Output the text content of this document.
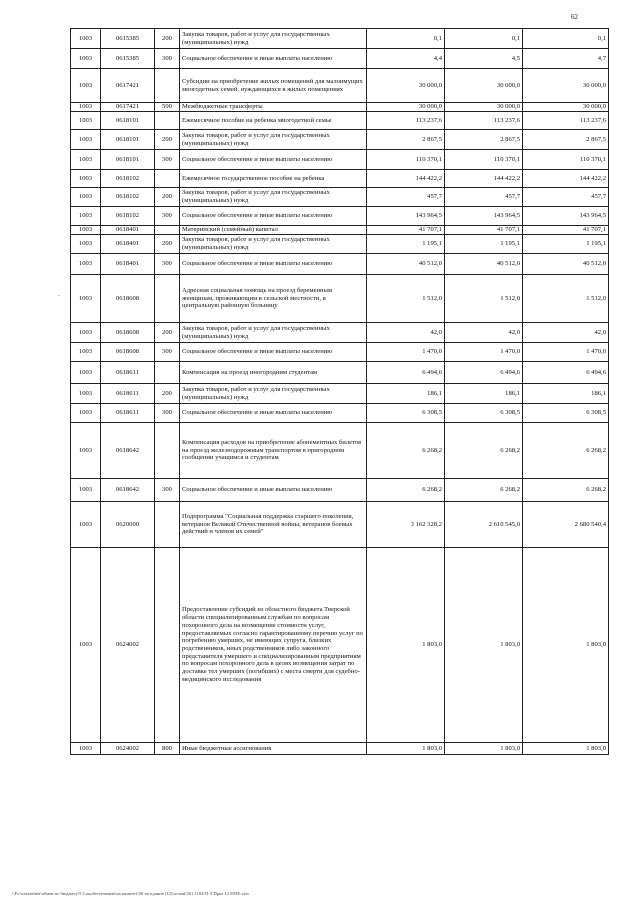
62
-
1003	0615385	200	Закупка товаров, работ и услуг для государственных (муниципальных) нужд	0,1	0,1	0,1
1003	0615385	300	Социальное обеспечение и иные выплаты населению	4,4	4,5	4,7
1003	0617421		Субсидии на приобретение жилых помещений для малоимущих многодетных семей, нуждающихся в жилых помещениях	30 000,0	30 000,0	30 000,0
1003	0617421	500	Межбюджетные трансферты	30 000,0	30 000,0	30 000,0
1003	0618101		Ежемесячное пособие на ребенка многодетной семье	113 237,6	113 237,6	113 237,6
1003	0618101	200	Закупка товаров, работ и услуг для государственных (муниципальных) нужд	2 867,5	2 867,5	2 867,5
1003	0618101	300	Социальное обеспечение и иные выплаты населению	110 370,1	110 370,1	110 370,1
1003	0618102		Ежемесячное государственное пособие на ребенка	144 422,2	144 422,2	144 422,2
1003	0618102	200	Закупка товаров, работ и услуг для государственных (муниципальных) нужд	457,7	457,7	457,7
1003	0618102	300	Социальное обеспечение и иные выплаты населению	143 964,5	143 964,5	143 964,5
1003	0618401		Материнский (семейный) капитал	41 707,1	41 707,1	41 707,1
1003	0618401	200	Закупка товаров, работ и услуг для государственных (муниципальных) нужд	1 195,1	1 195,1	1 195,1
1003	0618401	300	Социальное обеспечение и иные выплаты населению	40 512,0	40 512,0	40 512,0
1003	0618608		Адресная социальная помощь на проезд беременным женщинам, проживающим в сельской местности, в центральную районную больницу	1 512,0	1 512,0	1 512,0
1003	0618608	200	Закупка товаров, работ и услуг для государственных (муниципальных) нужд	42,0	42,0	42,0
1003	0618608	300	Социальное обеспечение и иные выплаты населению	1 470,0	1 470,0	1 470,0
1003	0618611		Компенсация на проезд иногородним студентам	6 494,6	6 494,6	6 494,6
1003	0618611	200	Закупка товаров, работ и услуг для государственных (муниципальных) нужд	186,1	186,1	186,1
1003	0618611	300	Социальное обеспечение и иные выплаты населению	6 308,5	6 308,5	6 308,5
1003	0618642		Компенсация расходов на приобретение абонементных билетов на проезд железнодорожным транспортом в пригородном сообщении учащимся и студентам	6 268,2	6 268,2	6 268,2
1003	0618642	300	Социальное обеспечение и иные выплаты населению	6 268,2	6 268,2	6 268,2
1003	0620000		Подпрограмма "Социальная поддержка старшего поколения, ветеранов Великой Отечественной войны, ветеранов боевых действий и членов их семей"	3 162 328,2	2 610 545,0	2 680 540,4
1003	0624002		Предоставление субсидий из областного бюджета Тверской области специализированным службам по вопросам похоронного дела на возмещение стоимости услуг, предоставляемых согласно гарантированному перечню услуг по погребению умерших, не имеющих супруга, близких родственников, иных родственников либо законного представителя умершего и специализированным предприятиям по вопросам похоронного дела в целях возмещения затрат по доставке тел умерших (погибших) с места смерти для судебно-медицинского исследования	1 803,0	1 803,0	1 803,0
1003	0624002	800	Иные бюджетные ассигнования	1 803,0	1 803,0	1 803,0
\\Fs-sotszashita\обмен по бюджету\5 Соцобеспечение\на комитет\50 заседание (12)\отзыв\501 1184-П-5\Приз 12 РЛИ\.xlsx
